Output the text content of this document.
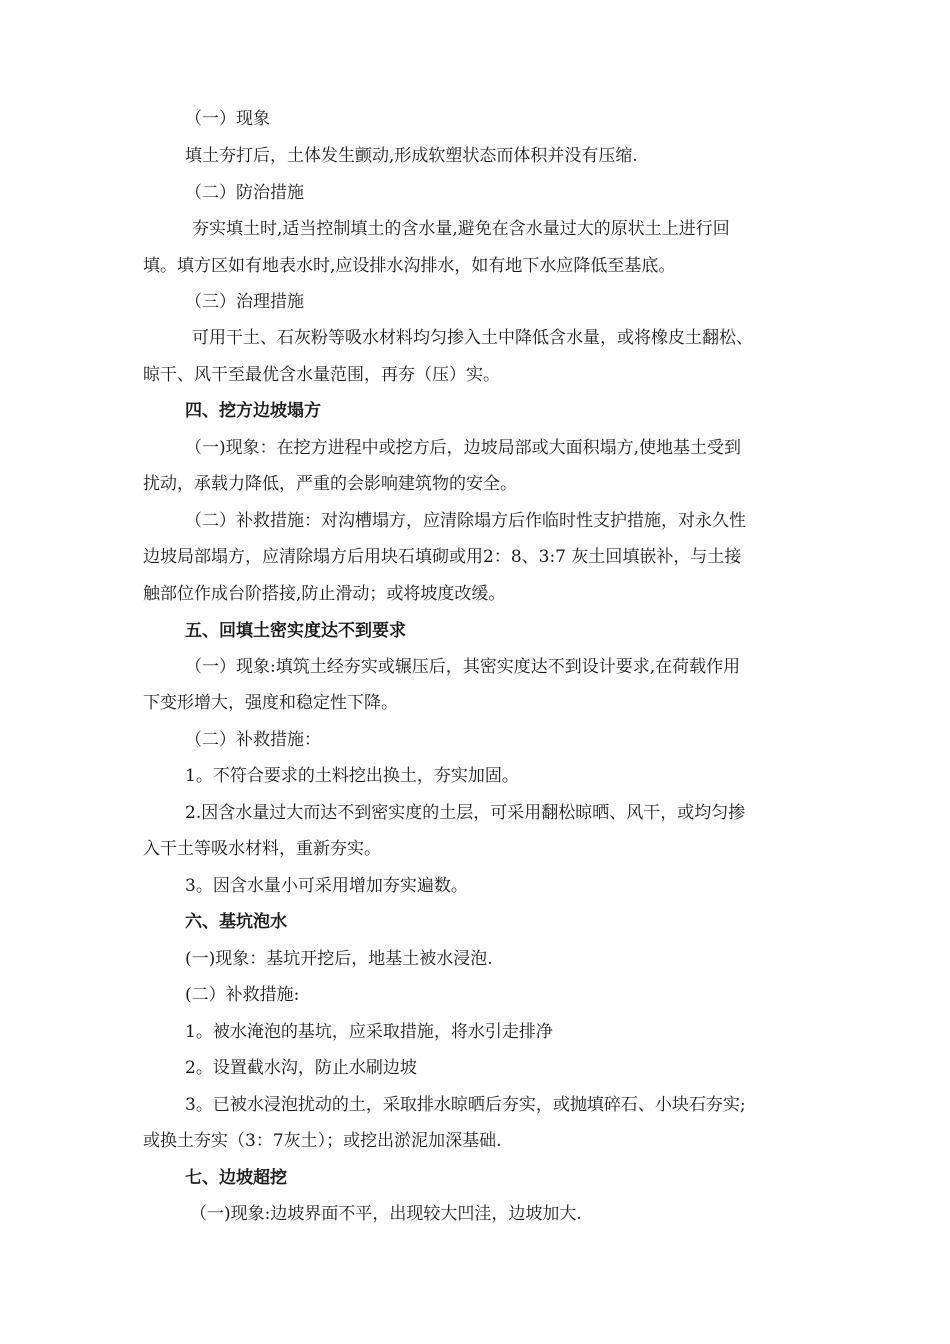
（一）现象
填土夯打后，土体发生颤动,形成软塑状态而体积并没有压缩.
（二）防治措施
夯实填土时,适当控制填土的含水量,避免在含水量过大的原状土上进行回
填。填方区如有地表水时,应设排水沟排水，如有地下水应降低至基底。
（三）治理措施
可用干土、石灰粉等吸水材料均匀掺入土中降低含水量，或将橡皮土翻松、
晾干、风干至最优含水量范围，再夯（压）实。
四、挖方边坡塌方
（一)现象：在挖方进程中或挖方后，边坡局部或大面积塌方,使地基土受到
扰动，承载力降低，严重的会影响建筑物的安全。
（二）补救措施：对沟槽塌方，应清除塌方后作临时性支护措施，对永久性
边坡局部塌方，应清除塌方后用块石填砌或用2：8、3:7 灰土回填嵌补，与土接
触部位作成台阶搭接,防止滑动；或将坡度改缓。
五、回填土密实度达不到要求
（一）现象:填筑土经夯实或辗压后，其密实度达不到设计要求,在荷载作用
下变形增大，强度和稳定性下降。
（二）补救措施：
1。不符合要求的土料挖出换土，夯实加固。
2.因含水量过大而达不到密实度的土层，可采用翻松晾晒、风干，或均匀掺
入干土等吸水材料，重新夯实。
3。因含水量小可采用增加夯实遍数。
六、基坑泡水
(一)现象：基坑开挖后，地基土被水浸泡.
(二）补救措施:
1。被水淹泡的基坑，应采取措施，将水引走排净
2。设置截水沟，防止水刷边坡
3。已被水浸泡扰动的土，采取排水晾晒后夯实，或抛填碎石、小块石夯实;
或换土夯实（3：7灰土）；或挖出淤泥加深基础.
七、边坡超挖
（一)现象:边坡界面不平，出现较大凹洼，边坡加大.
